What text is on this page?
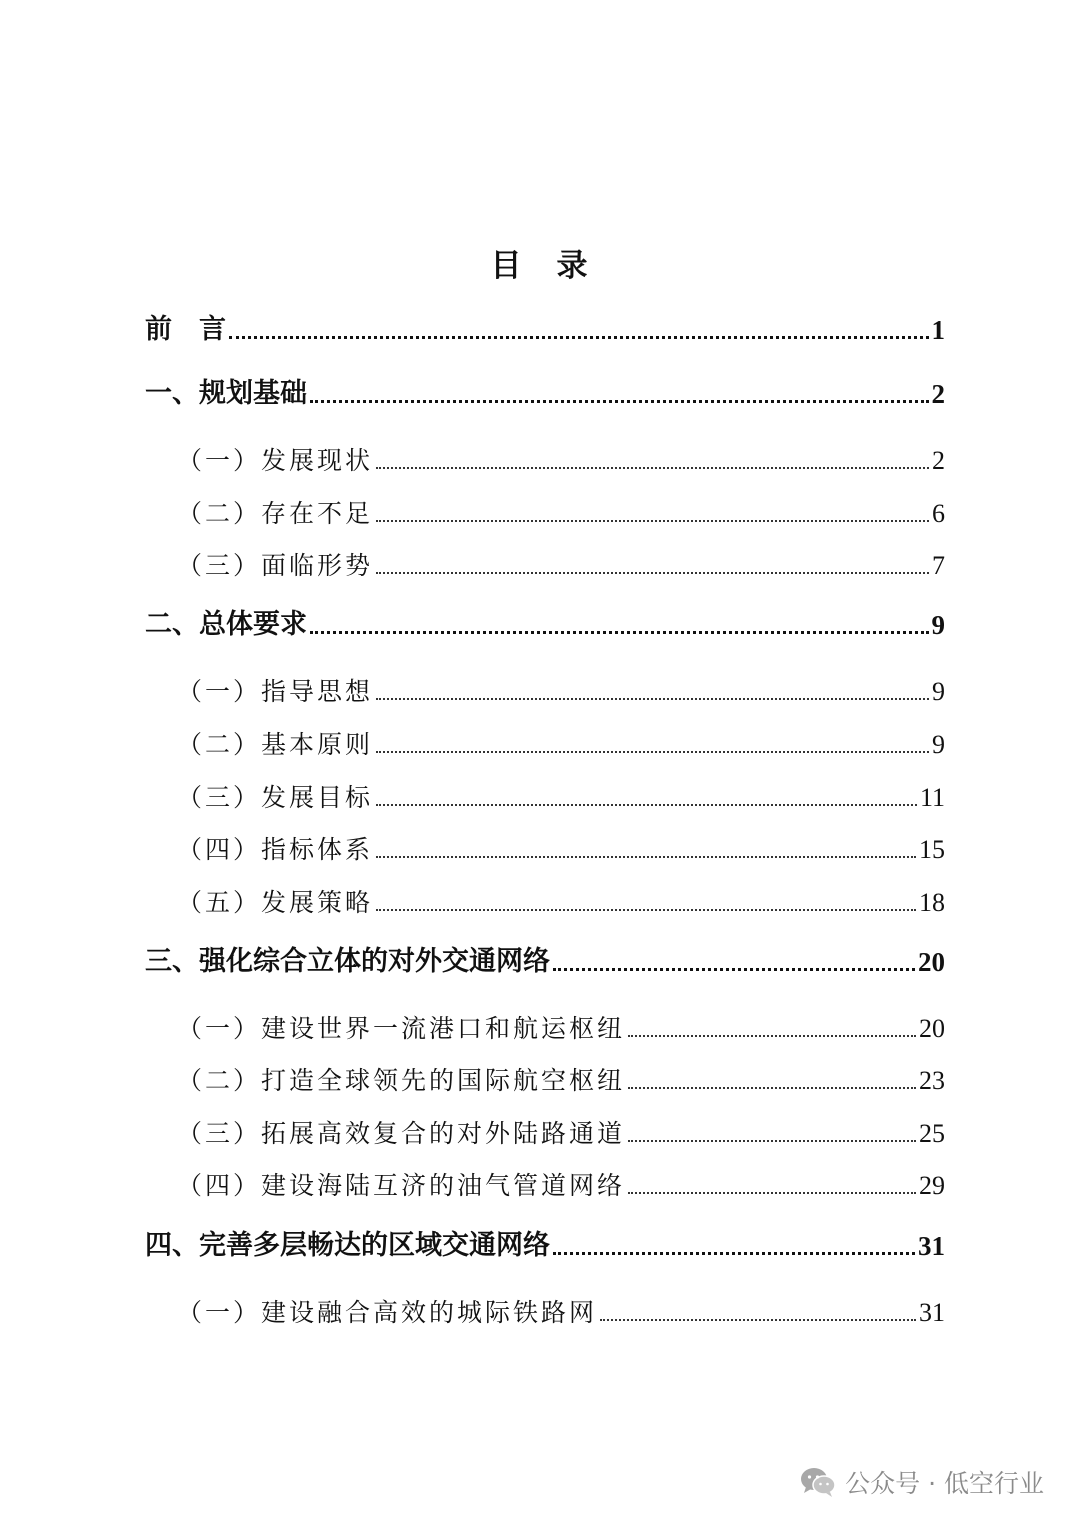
目　录
前　言	1
一、规划基础	2
（一）发展现状	2
（二）存在不足	6
（三）面临形势	7
二、总体要求	9
（一）指导思想	9
（二）基本原则	9
（三）发展目标	11
（四）指标体系	15
（五）发展策略	18
三、强化综合立体的对外交通网络	20
（一）建设世界一流港口和航运枢纽	20
（二）打造全球领先的国际航空枢纽	23
（三）拓展高效复合的对外陆路通道	25
（四）建设海陆互济的油气管道网络	29
四、完善多层畅达的区域交通网络	31
（一）建设融合高效的城际铁路网	31
公众号 · 低空行业
